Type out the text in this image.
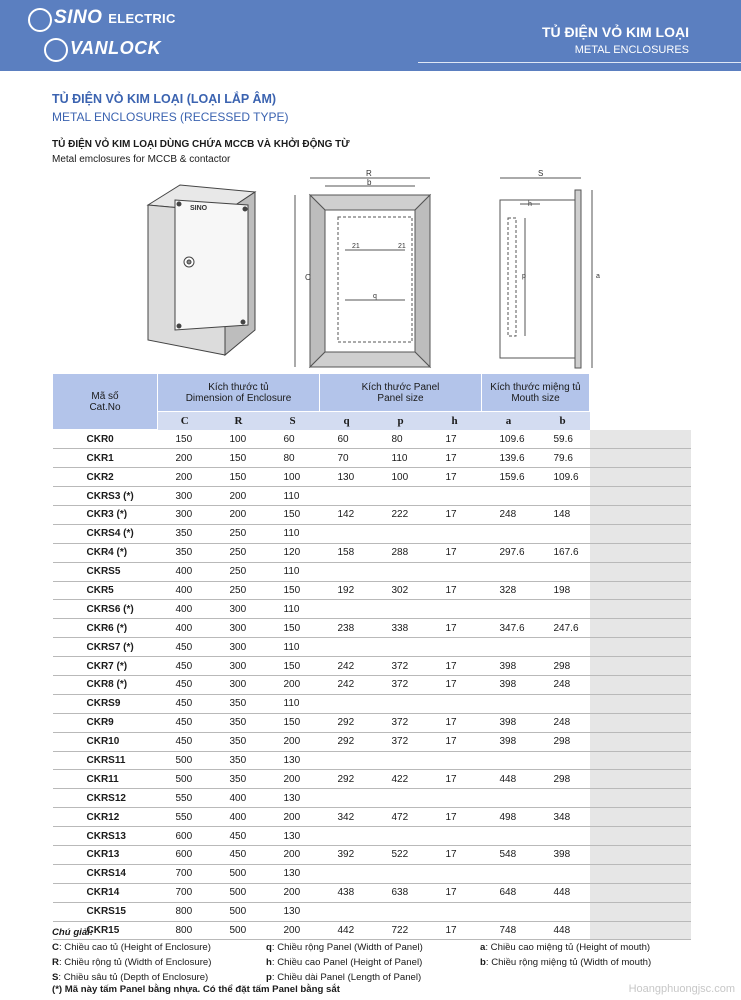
SINO ELECTRIC
VANLOCK
TỦ ĐIỆN VỎ KIM LOẠI
METAL ENCLOSURES
TỦ ĐIỆN VỎ KIM LOẠI (LOẠI LẮP ÂM)
METAL ENCLOSURES (RECESSED TYPE)
TỦ ĐIỆN VỎ KIM LOẠI DÙNG CHỨA MCCB VÀ KHỞI ĐỘNG TỪ
Metal emclosures for MCCB & contactor
SINO
R
b
C
21	21
q
S
h
p	a
Mã số
Cat.No	Kích thước tủ
Dimension of Enclosure			Kích thước Panel
Panel size			Kích thước miệng tủ
Mouth size		

	C	R	S	q	p	h	a	b	
CKR0	150	100	60	60	80	17	109.6	59.6	
CKR1	200	150	80	70	110	17	139.6	79.6	
CKR2	200	150	100	130	100	17	159.6	109.6	
CKRS3 (*)	300	200	110						
CKR3 (*)	300	200	150	142	222	17	248	148	
CKRS4 (*)	350	250	110						
CKR4 (*)	350	250	120	158	288	17	297.6	167.6	
CKRS5	400	250	110						
CKR5	400	250	150	192	302	17	328	198	
CKRS6 (*)	400	300	110						
CKR6 (*)	400	300	150	238	338	17	347.6	247.6	
CKRS7 (*)	450	300	110						
CKR7 (*)	450	300	150	242	372	17	398	298	
CKR8 (*)	450	300	200	242	372	17	398	248	
CKRS9	450	350	110						
CKR9	450	350	150	292	372	17	398	248	
CKR10	450	350	200	292	372	17	398	298	
CKRS11	500	350	130						
CKR11	500	350	200	292	422	17	448	298	
CKRS12	550	400	130						
CKR12	550	400	200	342	472	17	498	348	
CKRS13	600	450	130						
CKR13	600	450	200	392	522	17	548	398	
CKRS14	700	500	130						
CKR14	700	500	200	438	638	17	648	448	
CKRS15	800	500	130						
CKR15	800	500	200	442	722	17	748	448	
Chú giải:
C: Chiều cao tủ (Height of Enclosure)
R: Chiều rộng tủ (Width of Enclosure)
S: Chiều sâu tủ (Depth of Enclosure)
q: Chiều rộng Panel (Width of Panel)
h: Chiều cao Panel (Height of Panel)
p: Chiều dài Panel (Length of Panel)
a: Chiều cao miệng tủ (Height of mouth)
b: Chiều rộng miệng tủ (Width of mouth)
(*) Mã này tấm Panel bằng nhựa. Có thể đặt tấm Panel bằng sắt	Hoangphuongjsc.com
